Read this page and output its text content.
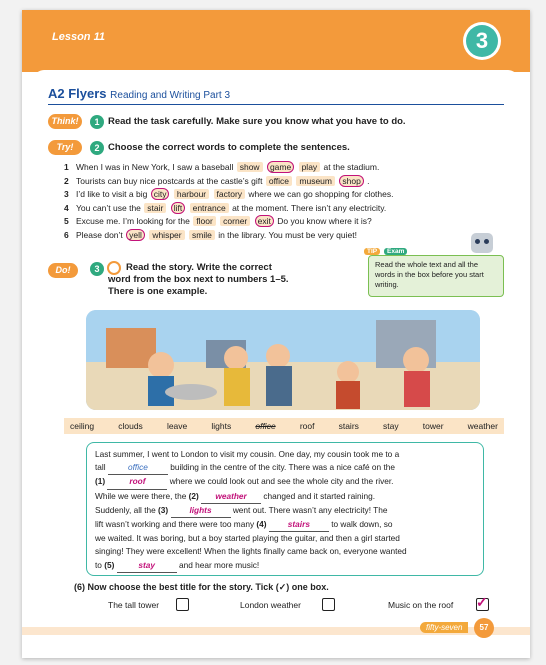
Lesson 11	3
A2 Flyers Reading and Writing Part 3
Think!	1 Read the task carefully. Make sure you know what you have to do.
Try!	2 Choose the correct words to complete the sentences.
1 When I was in New York, I saw a baseball show game play at the stadium.
2 Tourists can buy nice postcards at the castle’s gift office museum shop .
3 I’d like to visit a big city harbour factory where we can go shopping for clothes.
4 You can’t use the stair lift entrance at the moment. There isn’t any electricity.
5 Excuse me. I’m looking for the floor corner exit Do you know where it is?
6 Please don’t yell whisper smile in the library. You must be very quiet!
Do!	3	Read the story. Write the correct
word from the box next to numbers 1–5.
There is one example.
Read the whole text and all the words in the box before you start writing.
TIP	Exam
ceiling	clouds	leave	lights	office	roof	stairs	stay	tower	weather
Last summer, I went to London to visit my cousin. One day, my cousin took me to a
tall	office	building in the centre of the city. There was a nice café on the
(1)	roof	where we could look out and see the whole city and the river.
While we were there, the (2) weather changed and it started raining.
Suddenly, all the (3)	lights	went out. There wasn’t any electricity! The
lift wasn’t working and there were too many (4)	stairs	to walk down, so
we waited. It was boring, but a boy started playing the guitar, and then a girl started
singing! They were excellent! When the lights finally came back on, everyone wanted
to (5)	stay	and hear more music!
(6) Now choose the best title for the story. Tick (✓) one box.
The tall tower	London weather	Music on the roof ✓
fifty-seven	57
